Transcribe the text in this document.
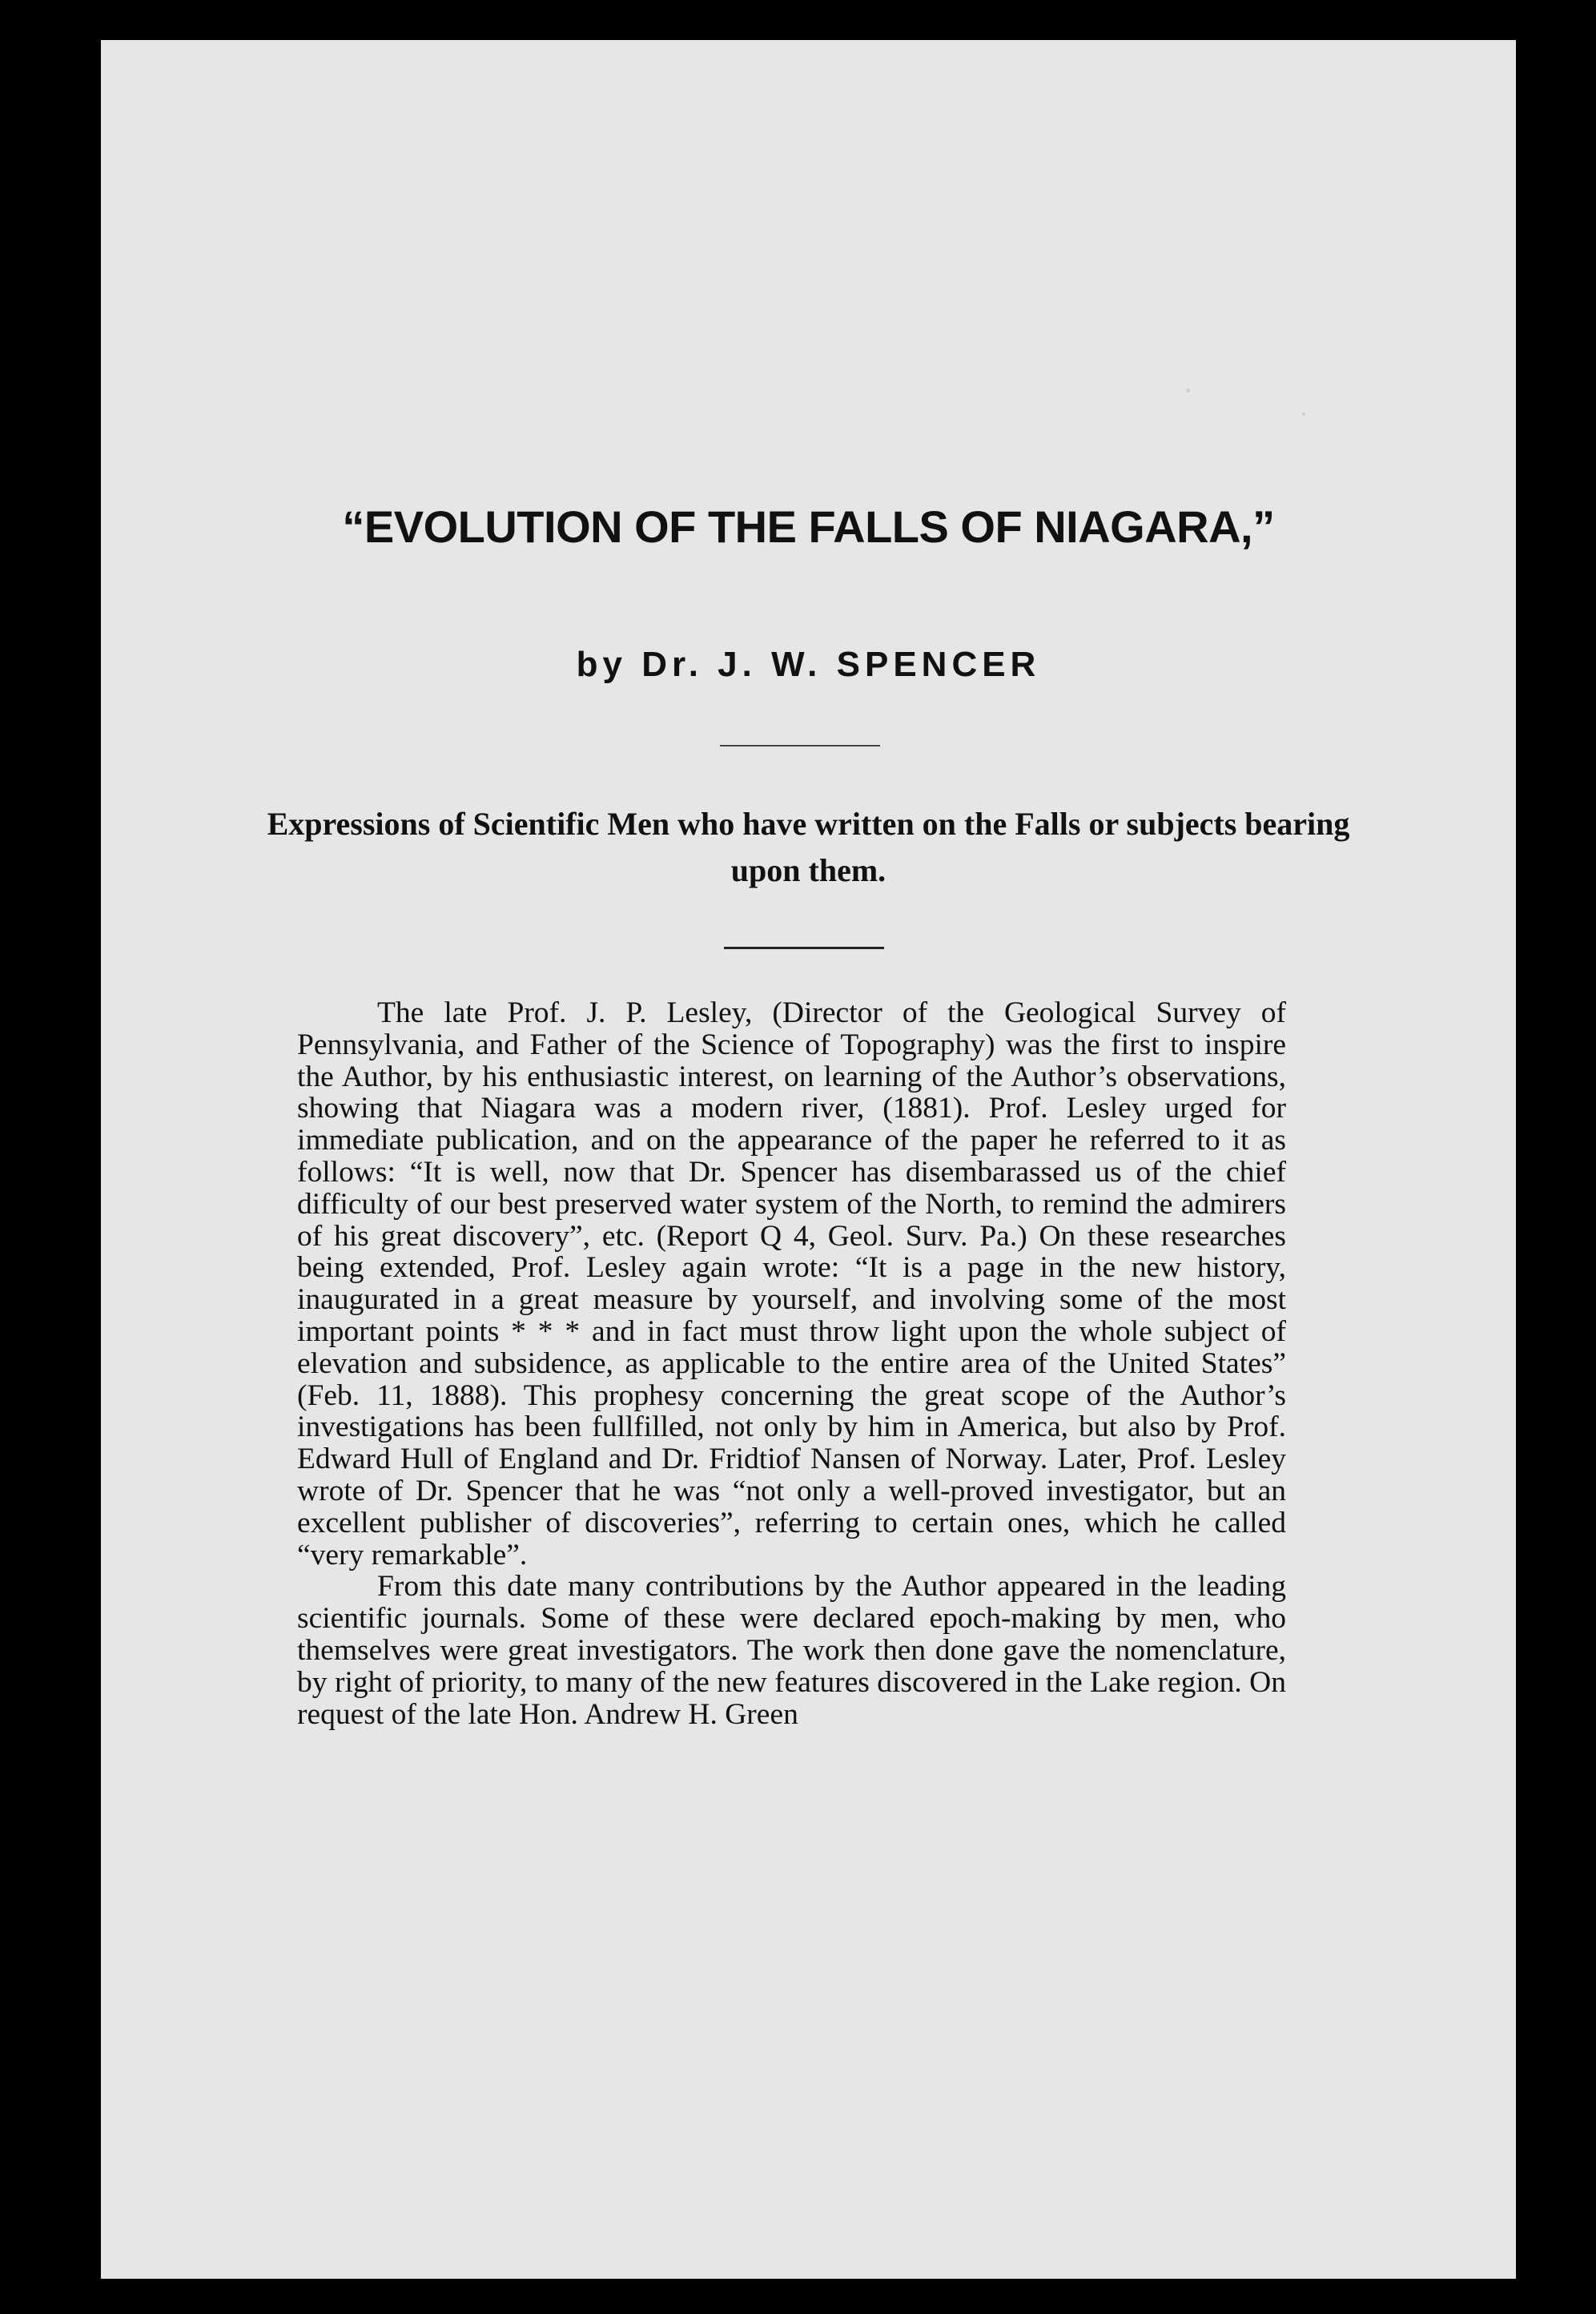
“EVOLUTION OF THE FALLS OF NIAGARA,”
by Dr. J. W. SPENCER
Expressions of Scientific Men who have written on the Falls or subjects bearing upon them.

The late Prof. J. P. Lesley, (Director of the Geological Survey of Pennsylvania, and Father of the Science of Topography) was the first to inspire the Author, by his enthusiastic interest, on learning of the Author’s observations, showing that Niagara was a modern river, (1881). Prof. Lesley urged for immediate publication, and on the appearance of the paper he referred to it as follows: “It is well, now that Dr. Spencer has disembarassed us of the chief difficulty of our best preserved water system of the North, to remind the admirers of his great discovery”, etc. (Report Q 4, Geol. Surv. Pa.) On these researches being extended, Prof. Lesley again wrote: “It is a page in the new history, inaugurated in a great measure by yourself, and involving some of the most important points * * * and in fact must throw light upon the whole subject of elevation and subsidence, as applicable to the entire area of the United States” (Feb. 11, 1888). This prophesy concerning the great scope of the Author’s investigations has been fullfilled, not only by him in America, but also by Prof. Edward Hull of England and Dr. Fridtiof Nansen of Norway. Later, Prof. Lesley wrote of Dr. Spencer that he was “not only a well-proved investigator, but an excellent publisher of discoveries”, referring to certain ones, which he called “very remarkable”.

From this date many contributions by the Author appeared in the leading scientific journals. Some of these were declared epoch-making by men, who themselves were great investigators. The work then done gave the nomenclature, by right of priority, to many of the new features discovered in the Lake region. On request of the late Hon. Andrew H. Green
